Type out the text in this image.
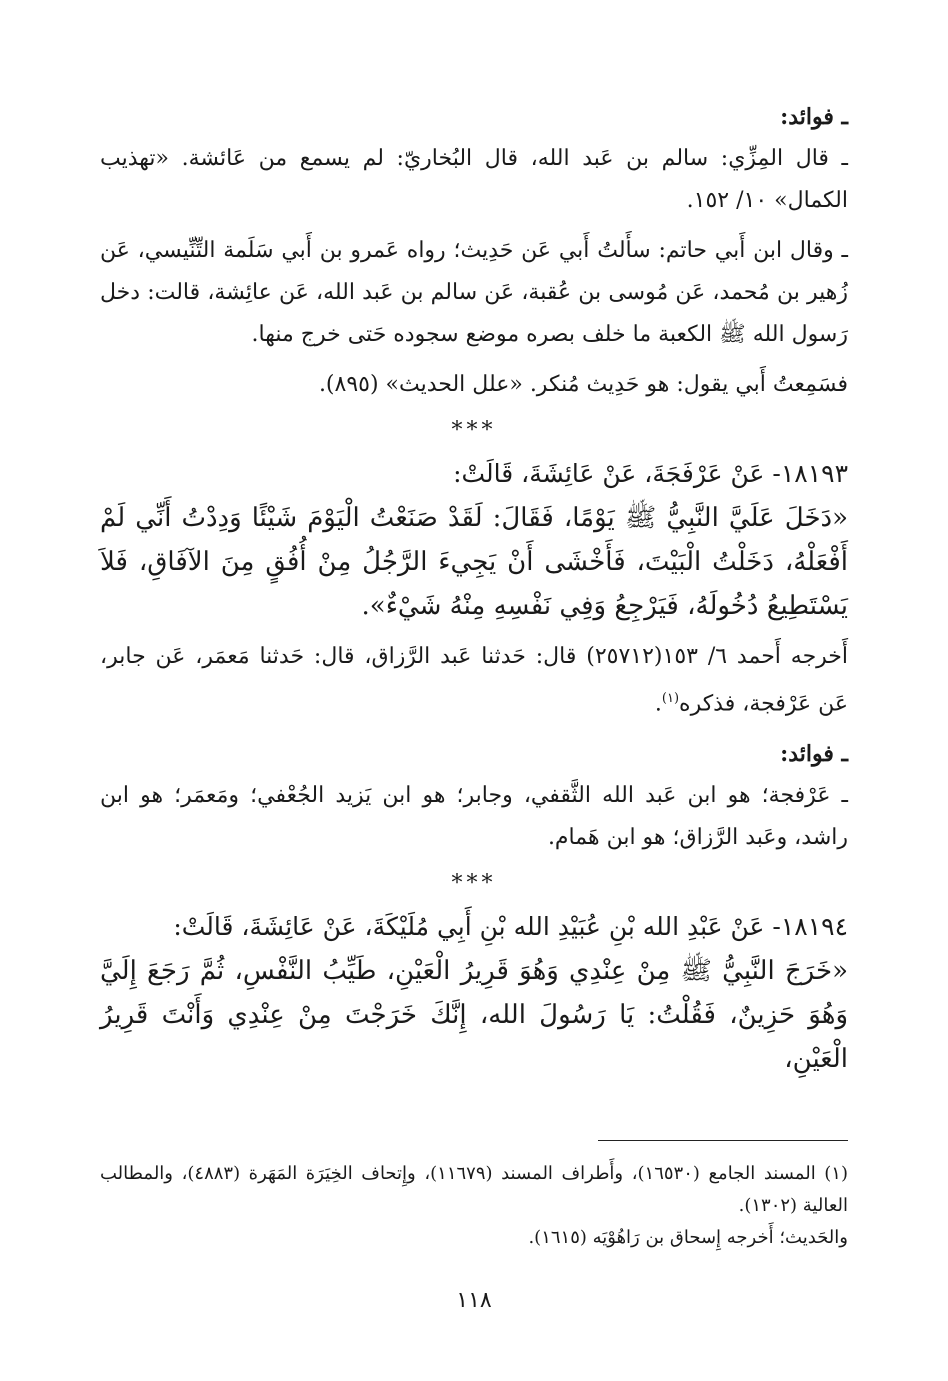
ـ فوائد:

ـ قال المِزِّي: سالم بن عَبد الله، قال البُخاريّ: لم يسمع من عَائشة. «تهذيب الكمال» ١٠/ ١٥٢.

ـ وقال ابن أَبي حاتم: سأَلتُ أَبي عَن حَدِيث؛ رواه عَمرو بن أَبي سَلَمة التِّنِّيسي، عَن زُهير بن مُحمد، عَن مُوسى بن عُقبة، عَن سالم بن عَبد الله، عَن عائِشة، قالت: دخل رَسول الله ﷺ الكعبة ما خلف بصره موضع سجوده حَتى خرج منها.

فسَمِعتُ أَبي يقول: هو حَدِيث مُنكر. «علل الحديث» (٨٩٥).

***

١٨١٩٣- عَنْ عَرْفَجَةَ، عَنْ عَائِشَةَ، قَالَتْ:

«دَخَلَ عَلَيَّ النَّبِيُّ ﷺ يَوْمًا، فَقَالَ: لَقَدْ صَنَعْتُ الْيَوْمَ شَيْئًا وَدِدْتُ أَنِّي لَمْ أَفْعَلْهُ، دَخَلْتُ الْبَيْتَ، فَأَخْشَى أَنْ يَجِيءَ الرَّجُلُ مِنْ أُفُقٍ مِنَ الآفَاقِ، فَلاَ يَسْتَطِيعُ دُخُولَهُ، فَيَرْجِعُ وَفِي نَفْسِهِ مِنْهُ شَيْءٌ».

أَخرجه أَحمد ٦/ ١٥٣(٢٥٧١٢) قال: حَدثنا عَبد الرَّزاق، قال: حَدثنا مَعمَر، عَن جابر، عَن عَرْفجة، فذكره$^{(١)}$.

ـ فوائد:

ـ عَرْفجة؛ هو ابن عَبد الله الثَّقفي، وجابر؛ هو ابن يَزيد الجُعْفي؛ ومَعمَر؛ هو ابن راشد، وعَبد الرَّزاق؛ هو ابن هَمام.

***

١٨١٩٤- عَنْ عَبْدِ الله بْنِ عُبَيْدِ الله بْنِ أَبِي مُلَيْكَةَ، عَنْ عَائِشَةَ، قَالَتْ:

«خَرَجَ النَّبِيُّ ﷺ مِنْ عِنْدِي وَهُوَ قَرِيرُ الْعَيْنِ، طَيِّبُ النَّفْسِ، ثُمَّ رَجَعَ إِلَيَّ وَهُوَ حَزِينٌ، فَقُلْتُ: يَا رَسُولَ الله، إِنَّكَ خَرَجْتَ مِنْ عِنْدِي وَأَنْتَ قَرِيرُ الْعَيْنِ،

(١) المسند الجامع (١٦٥٣٠)، وأَطراف المسند (١١٦٧٩)، وإِتحاف الخِيَرَة المَهَرة (٤٨٨٣)، والمطالب العالية (١٣٠٢).

والحَديث؛ أَخرجه إِسحاق بن رَاهُوْيَه (١٦١٥).

١١٨
